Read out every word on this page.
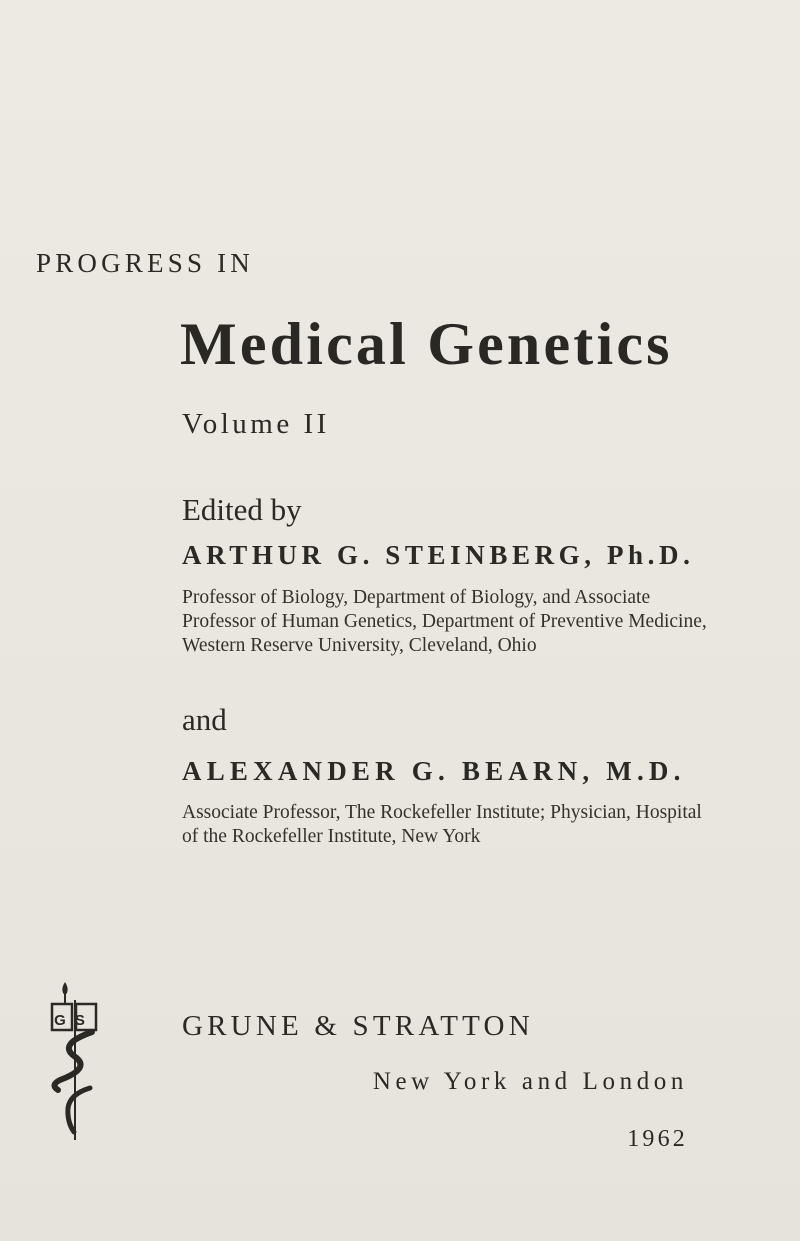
PROGRESS IN
Medical Genetics
Volume II
Edited by
ARTHUR G. STEINBERG, Ph.D.
Professor of Biology, Department of Biology, and Associate Professor of Human Genetics, Department of Preventive Medicine, Western Reserve University, Cleveland, Ohio
and
ALEXANDER G. BEARN, M.D.
Associate Professor, The Rockefeller Institute; Physician, Hospital of the Rockefeller Institute, New York
GS	GRUNE & STRATTON
New York and London
1962
